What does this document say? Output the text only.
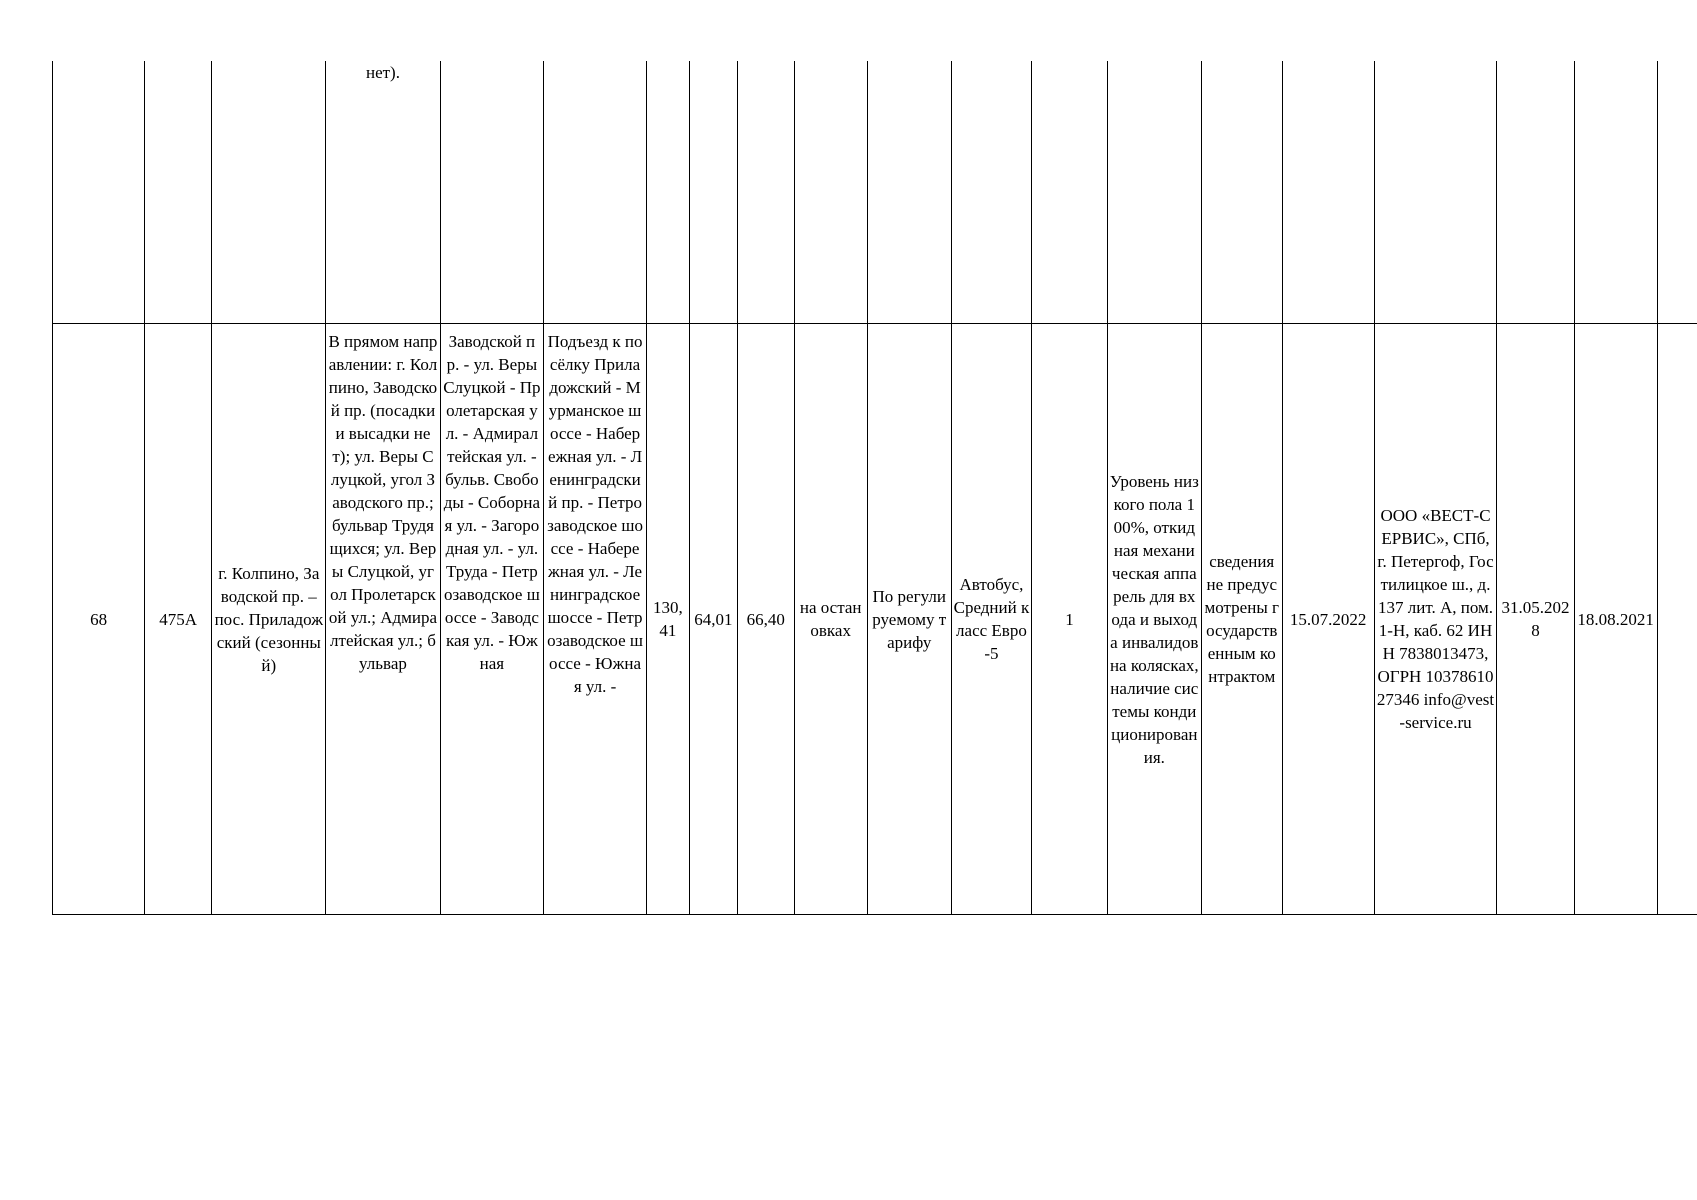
			нет).																
68	475А	г. Колпино, Заводской пр. – пос. Приладожский (сезонный)	В прямом направлении: г. Колпино, Заводской пр. (посадки и высадки нет); ул. Веры Слуцкой, угол Заводского пр.; бульвар Трудящихся; ул. Веры Слуцкой, угол Пролетарской ул.; Адмиралтейская ул.; бульвар	Заводской пр. - ул. Веры Слуцкой - Пролетарская ул. - Адмиралтейская ул. - бульв. Свободы - Соборная ул. - Загородная ул. - ул. Труда - Петрозаводское шоссе - Заводская ул. - Южная	Подъезд к посёлку Приладожский - Мурманское шоссе - Набережная ул. - Ленинградский пр. - Петрозаводское шоссе - Набережная ул. - Ленинградское шоссе - Петрозаводское шоссе - Южная ул. -	130,41	64,01	66,40	на остановках	По регулируемому тарифу	Автобус, Средний класс Евро-5	1	Уровень низкого пола 100%, откидная механическая аппарель для входа и выхода инвалидов на колясках, наличие системы кондиционирования.	сведения не предусмотрены государственным контрактом	15.07.2022	ООО «ВЕСТ-СЕРВИС», СПб, г. Петергоф, Гостилицкое ш., д. 137 лит. А, пом. 1-Н, каб. 62 ИНН 7838013473, ОГРН 1037861027346 info@vest-service.ru	31.05.2028	18.08.2021	
